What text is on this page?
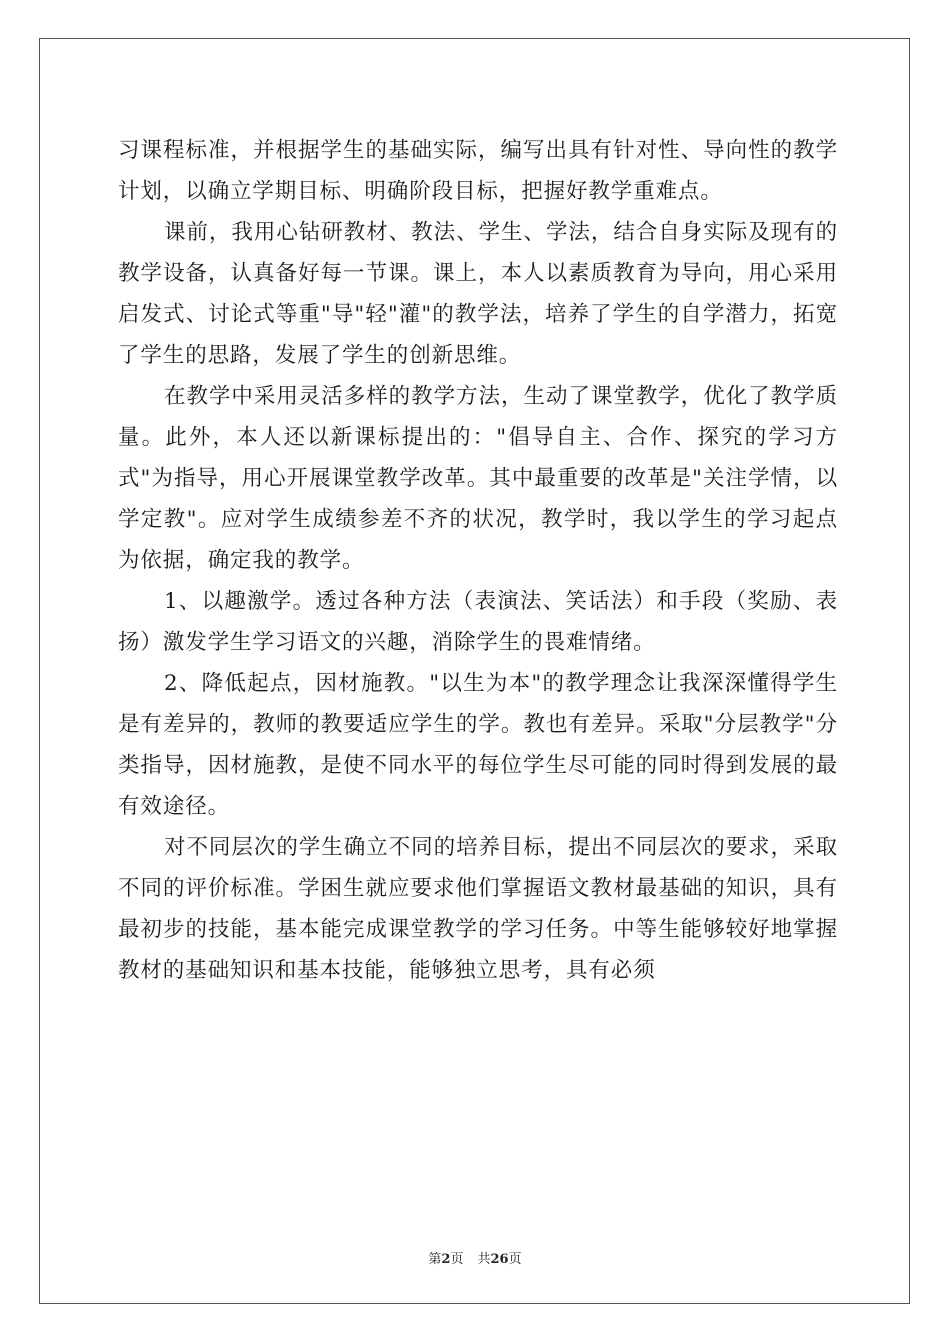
习课程标准，并根据学生的基础实际，编写出具有针对性、导向性的教学计划，以确立学期目标、明确阶段目标，把握好教学重难点。

课前，我用心钻研教材、教法、学生、学法，结合自身实际及现有的教学设备，认真备好每一节课。课上，本人以素质教育为导向，用心采用启发式、讨论式等重"导"轻"灌"的教学法，培养了学生的自学潜力，拓宽了学生的思路，发展了学生的创新思维。

在教学中采用灵活多样的教学方法，生动了课堂教学，优化了教学质量。此外，本人还以新课标提出的："倡导自主、合作、探究的学习方式"为指导，用心开展课堂教学改革。其中最重要的改革是"关注学情，以学定教"。应对学生成绩参差不齐的状况，教学时，我以学生的学习起点为依据，确定我的教学。

1、以趣激学。透过各种方法（表演法、笑话法）和手段（奖励、表扬）激发学生学习语文的兴趣，消除学生的畏难情绪。

2、降低起点，因材施教。"以生为本"的教学理念让我深深懂得学生是有差异的，教师的教要适应学生的学。教也有差异。采取"分层教学"分类指导，因材施教，是使不同水平的每位学生尽可能的同时得到发展的最有效途径。

对不同层次的学生确立不同的培养目标，提出不同层次的要求，采取不同的评价标准。学困生就应要求他们掌握语文教材最基础的知识，具有最初步的技能，基本能完成课堂教学的学习任务。中等生能够较好地掌握教材的基础知识和基本技能，能够独立思考，具有必须

第2页 共26页
